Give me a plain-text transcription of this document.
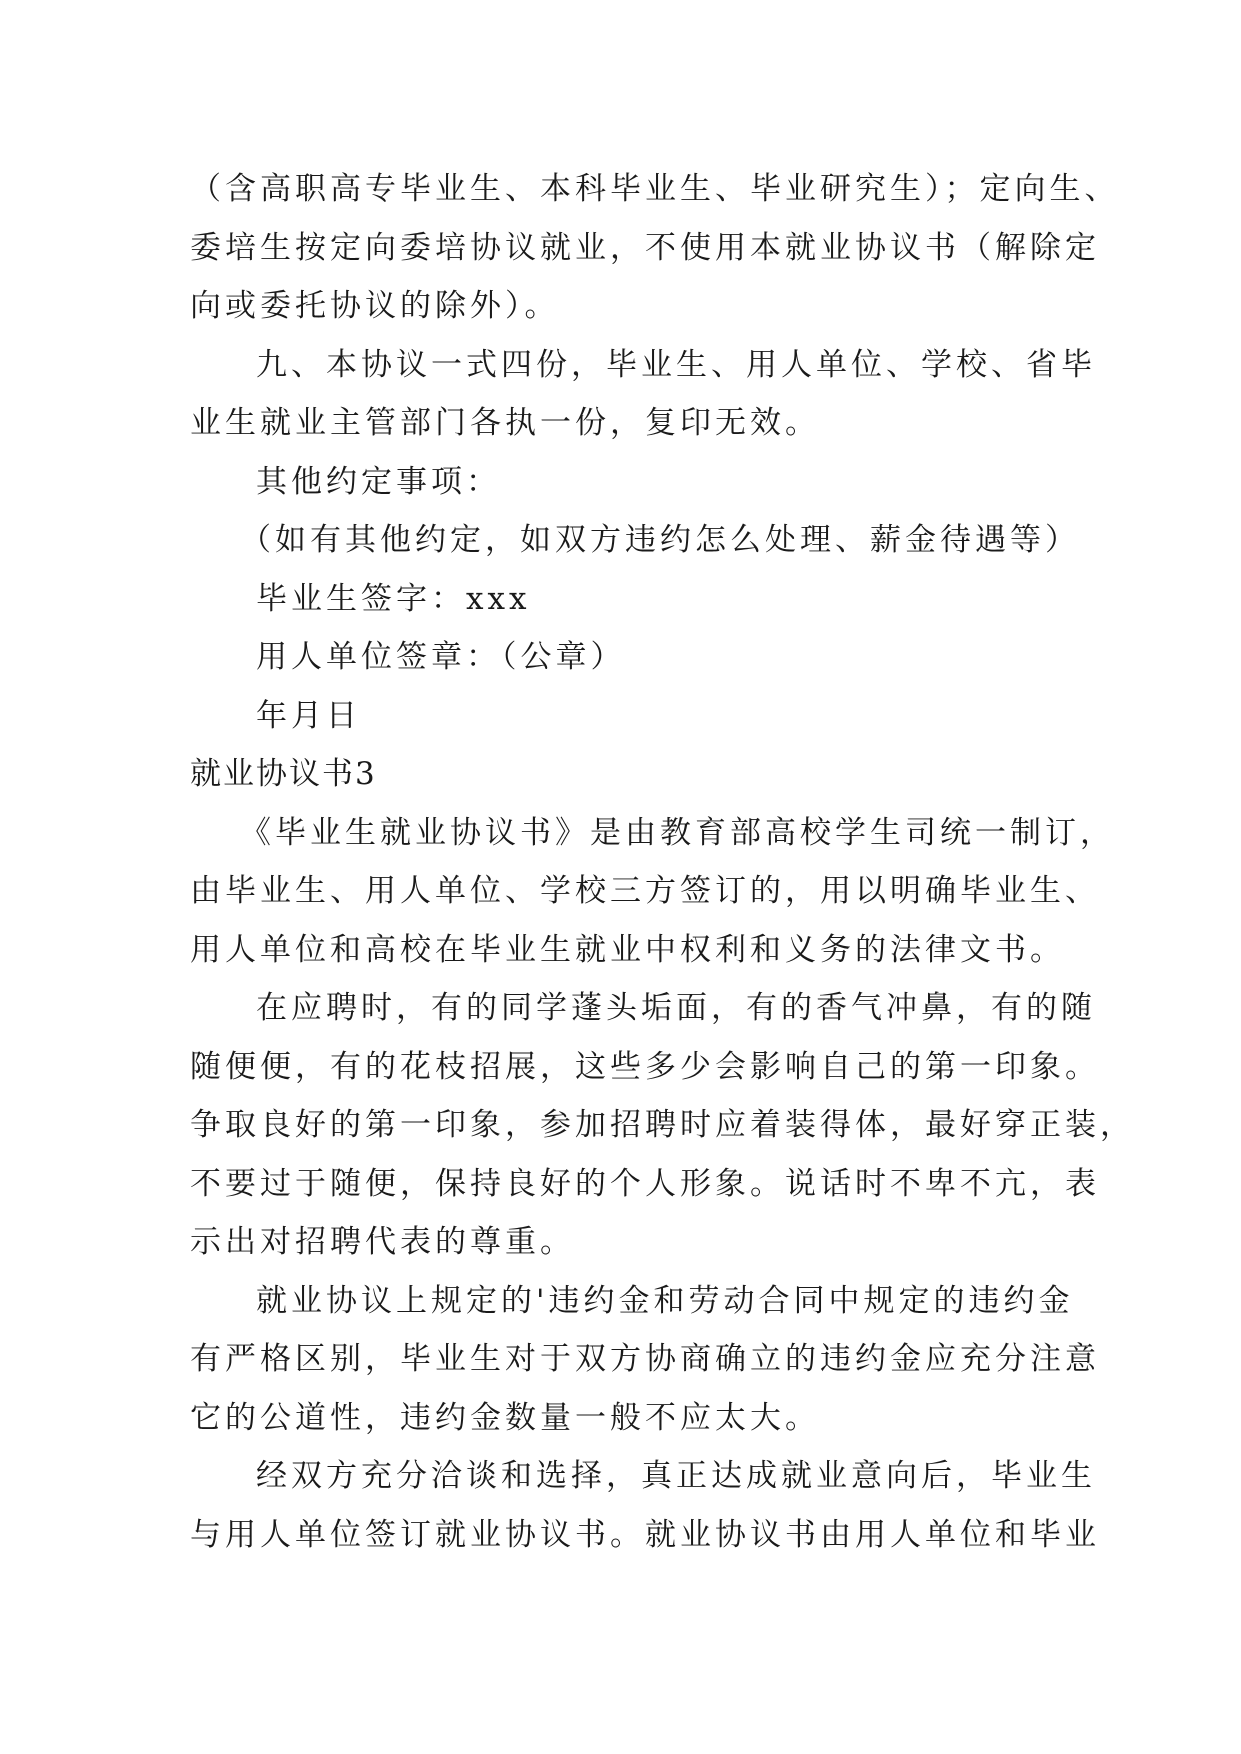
（含高职高专毕业生、本科毕业生、毕业研究生）；定向生、
委培生按定向委培协议就业，不使用本就业协议书（解除定
向或委托协议的除外）。
九、本协议一式四份，毕业生、用人单位、学校、省毕
业生就业主管部门各执一份，复印无效。
其他约定事项：
（如有其他约定，如双方违约怎么处理、薪金待遇等）
毕业生签字：xxx
用人单位签章：（公章）
年月日
就业协议书3
《毕业生就业协议书》是由教育部高校学生司统一制订，
由毕业生、用人单位、学校三方签订的，用以明确毕业生、
用人单位和高校在毕业生就业中权利和义务的法律文书。
在应聘时，有的同学蓬头垢面，有的香气冲鼻，有的随
随便便，有的花枝招展，这些多少会影响自己的第一印象。
争取良好的第一印象，参加招聘时应着装得体，最好穿正装，
不要过于随便，保持良好的个人形象。说话时不卑不亢，表
示出对招聘代表的尊重。
就业协议上规定的'违约金和劳动合同中规定的违约金
有严格区别，毕业生对于双方协商确立的违约金应充分注意
它的公道性，违约金数量一般不应太大。
经双方充分洽谈和选择，真正达成就业意向后，毕业生
与用人单位签订就业协议书。就业协议书由用人单位和毕业
